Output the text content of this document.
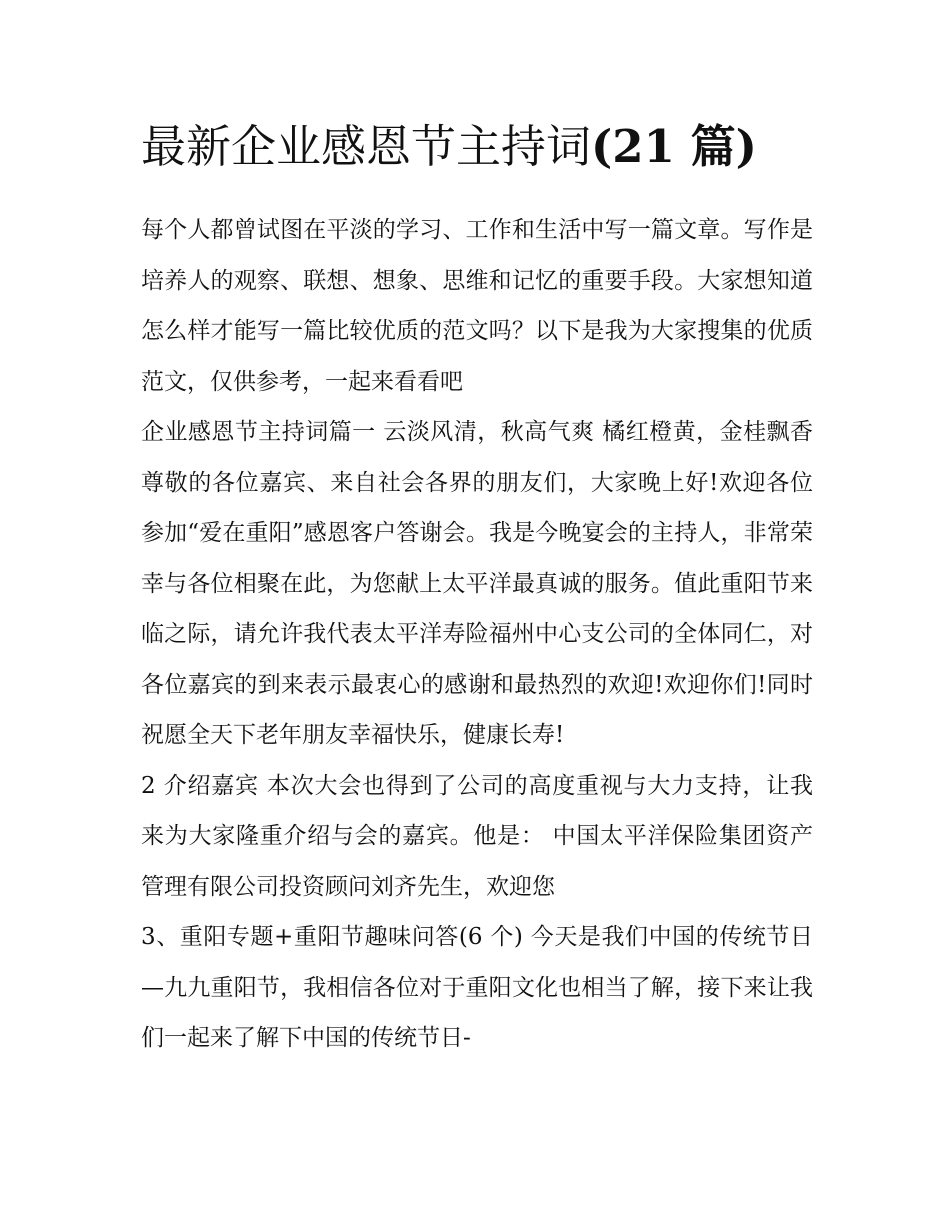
最新企业感恩节主持词(21 篇)

每个人都曾试图在平淡的学习、工作和生活中写一篇文章。写作是培养人的观察、联想、想象、思维和记忆的重要手段。大家想知道怎么样才能写一篇比较优质的范文吗？以下是我为大家搜集的优质范文，仅供参考，一起来看看吧

企业感恩节主持词篇一 云淡风清，秋高气爽 橘红橙黄，金桂飘香 尊敬的各位嘉宾、来自社会各界的朋友们，大家晚上好!欢迎各位参加“爱在重阳”感恩客户答谢会。我是今晚宴会的主持人，非常荣幸与各位相聚在此，为您献上太平洋最真诚的服务。值此重阳节来临之际，请允许我代表太平洋寿险福州中心支公司的全体同仁，对各位嘉宾的到来表示最衷心的感谢和最热烈的欢迎!欢迎你们!同时祝愿全天下老年朋友幸福快乐，健康长寿!

2 介绍嘉宾 本次大会也得到了公司的高度重视与大力支持，让我来为大家隆重介绍与会的嘉宾。他是： 中国太平洋保险集团资产管理有限公司投资顾问刘齐先生，欢迎您

3、重阳专题+重阳节趣味问答(6 个) 今天是我们中国的传统节日—九九重阳节，我相信各位对于重阳文化也相当了解，接下来让我们一起来了解下中国的传统节日-
